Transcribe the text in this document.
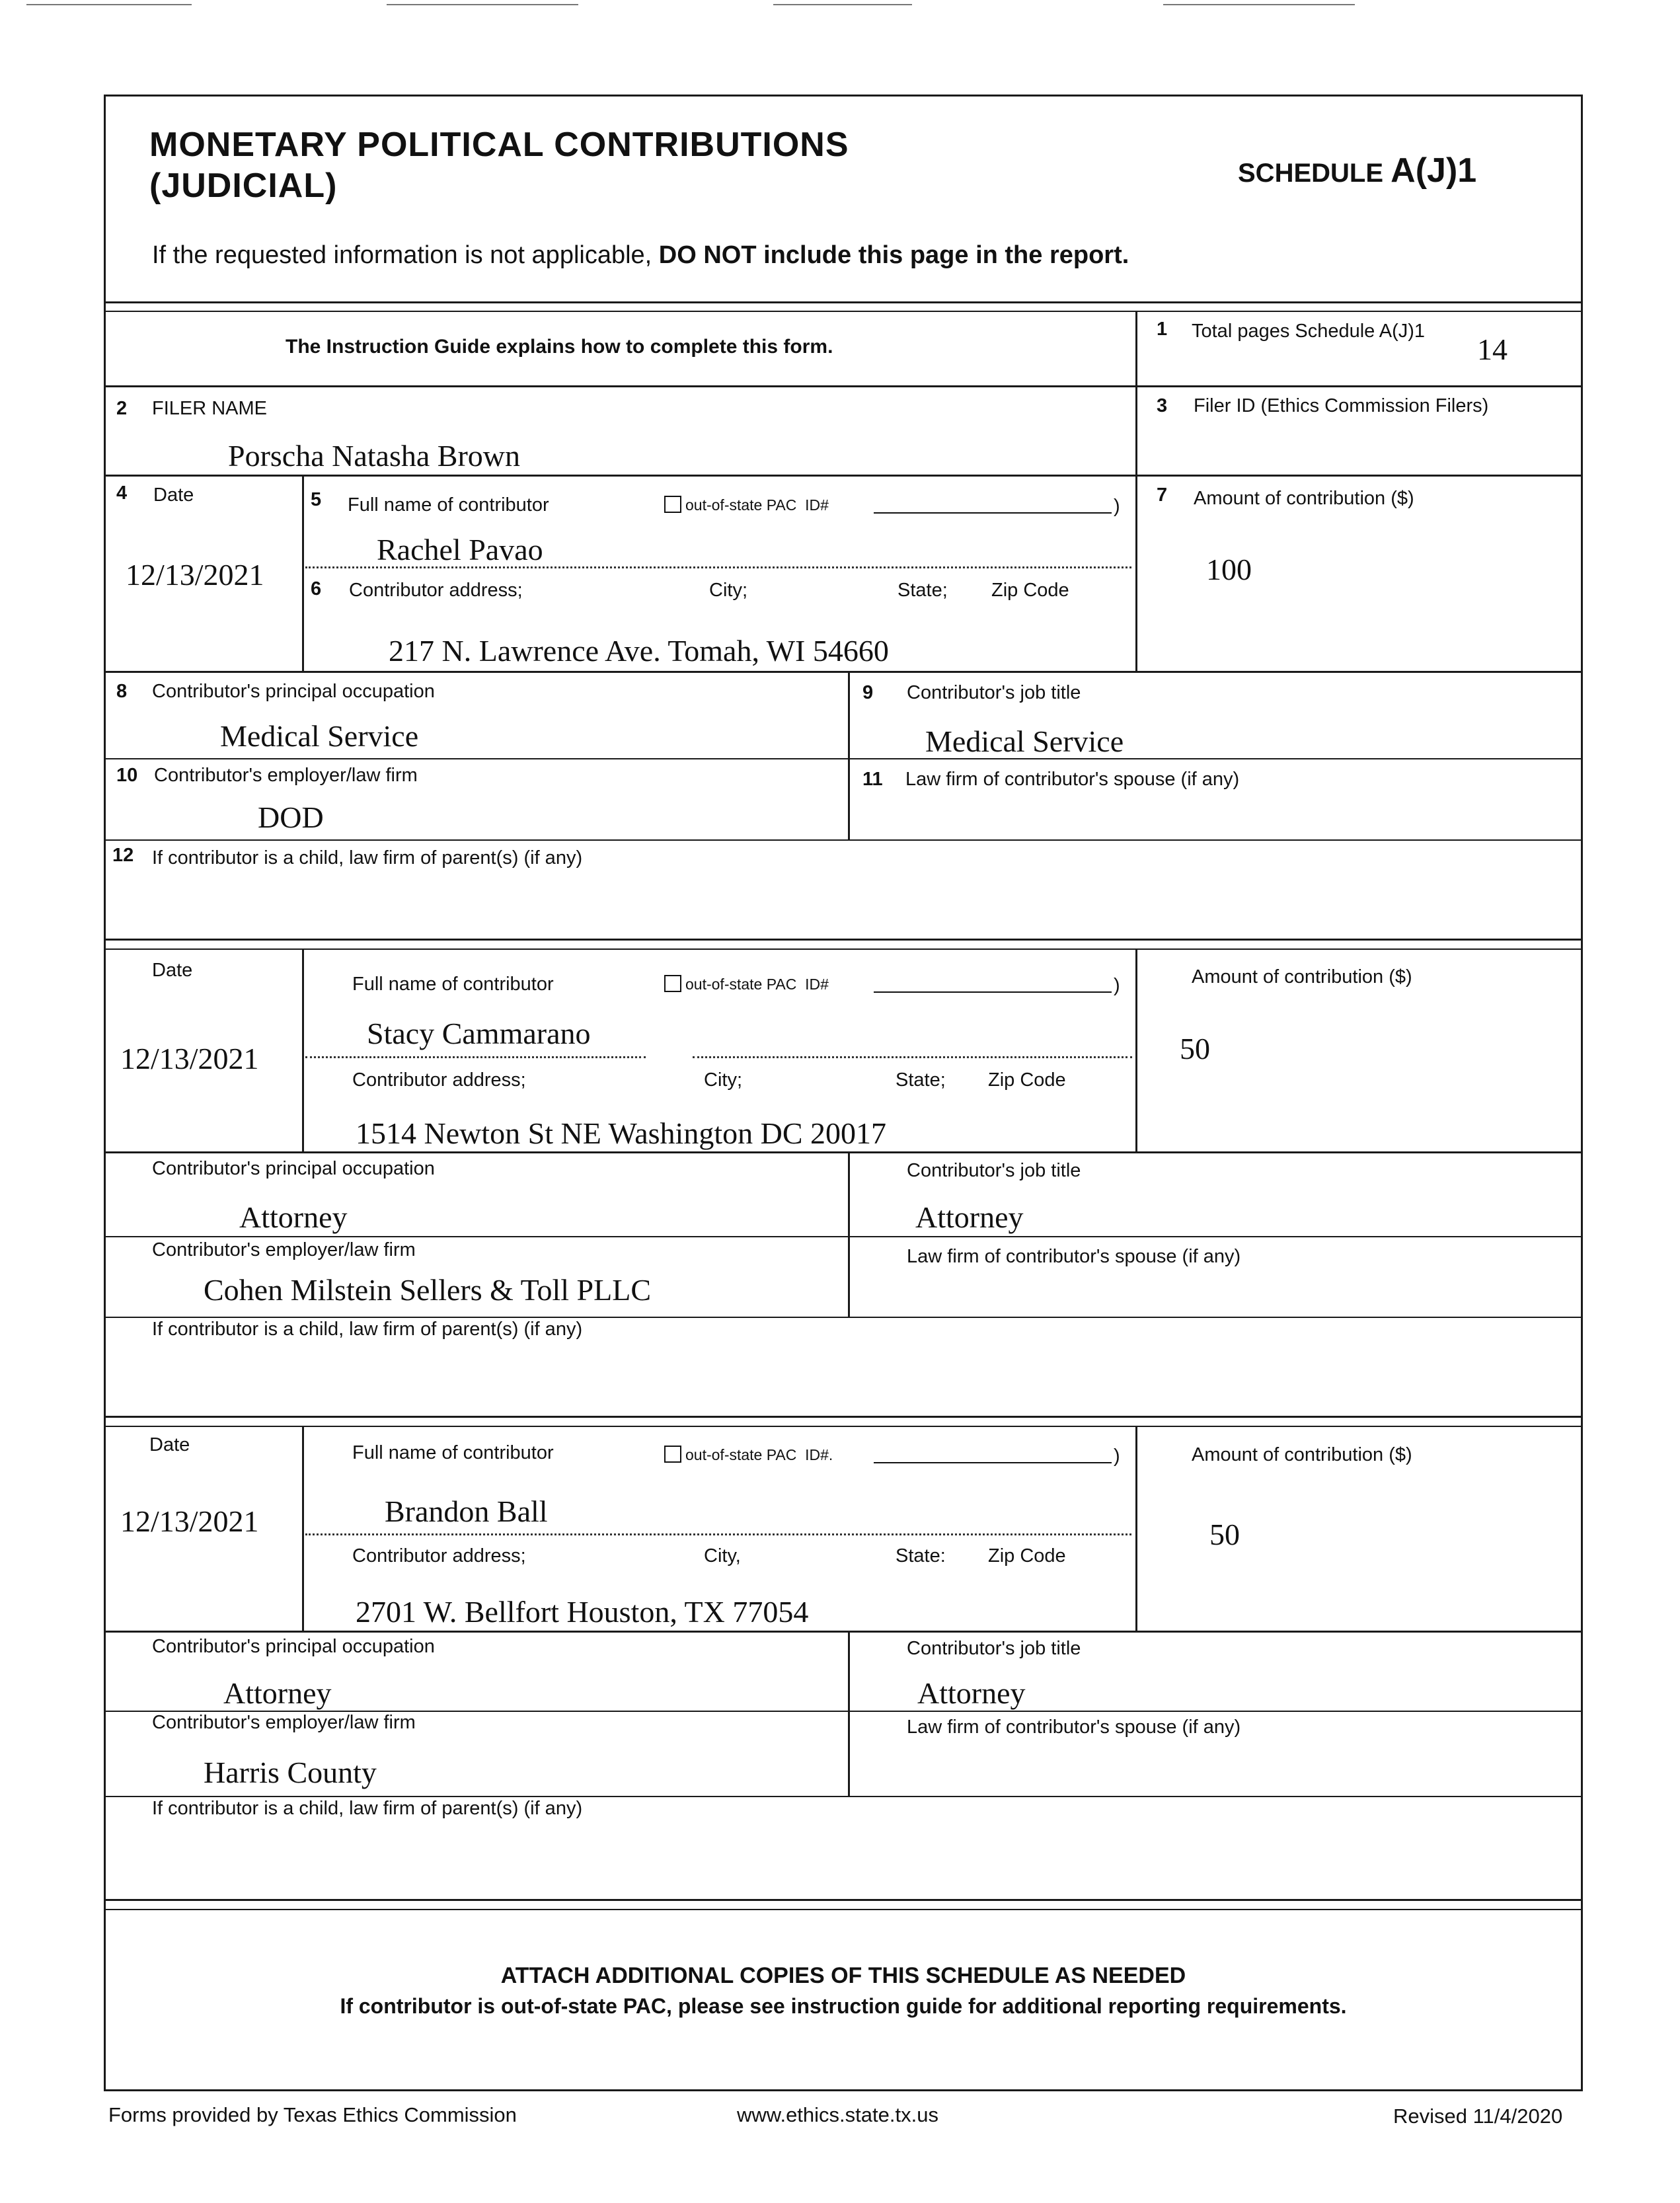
MONETARY POLITICAL CONTRIBUTIONS
(JUDICIAL)	SCHEDULE A(J)1
If the requested information is not applicable, DO NOT include this page in the report.
The Instruction Guide explains how to complete this form.
1 Total pages Schedule A(J)1
14
2 FILER NAME
Porscha Natasha Brown
3 Filer ID (Ethics Commission Filers)
4 Date
12/13/2021
5 Full name of contributor	out-of-state PAC ID#	)
Rachel Pavao
6 Contributor address;	City;	State; Zip Code
217 N. Lawrence Ave. Tomah, WI 54660
7 Amount of contribution ($)
100
8 Contributor's principal occupation
Medical Service
9 Contributor's job title
Medical Service
10 Contributor's employer/law firm
DOD
11 Law firm of contributor's spouse (if any)
12 If contributor is a child, law firm of parent(s) (if any)
Date
12/13/2021
Full name of contributor	out-of-state PAC ID#	)
Stacy Cammarano
Contributor address;	City;	State; Zip Code
1514 Newton St NE Washington DC 20017
Amount of contribution ($)
50
Contributor's principal occupation
Attorney
Contributor's job title
Attorney
Contributor's employer/law firm
Cohen Milstein Sellers & Toll PLLC
Law firm of contributor's spouse (if any)
If contributor is a child, law firm of parent(s) (if any)
Date
12/13/2021
Full name of contributor	out-of-state PAC ID#.	)
Brandon Ball
Contributor address;	City,	State: Zip Code
2701 W. Bellfort Houston, TX 77054
Amount of contribution ($)
50
Contributor's principal occupation
Attorney
Contributor's job title
Attorney
Contributor's employer/law firm
Harris County
Law firm of contributor's spouse (if any)
If contributor is a child, law firm of parent(s) (if any)
ATTACH ADDITIONAL COPIES OF THIS SCHEDULE AS NEEDED
If contributor is out-of-state PAC, please see instruction guide for additional reporting requirements.
Forms provided by Texas Ethics Commission	www.ethics.state.tx.us	Revised 11/4/2020
